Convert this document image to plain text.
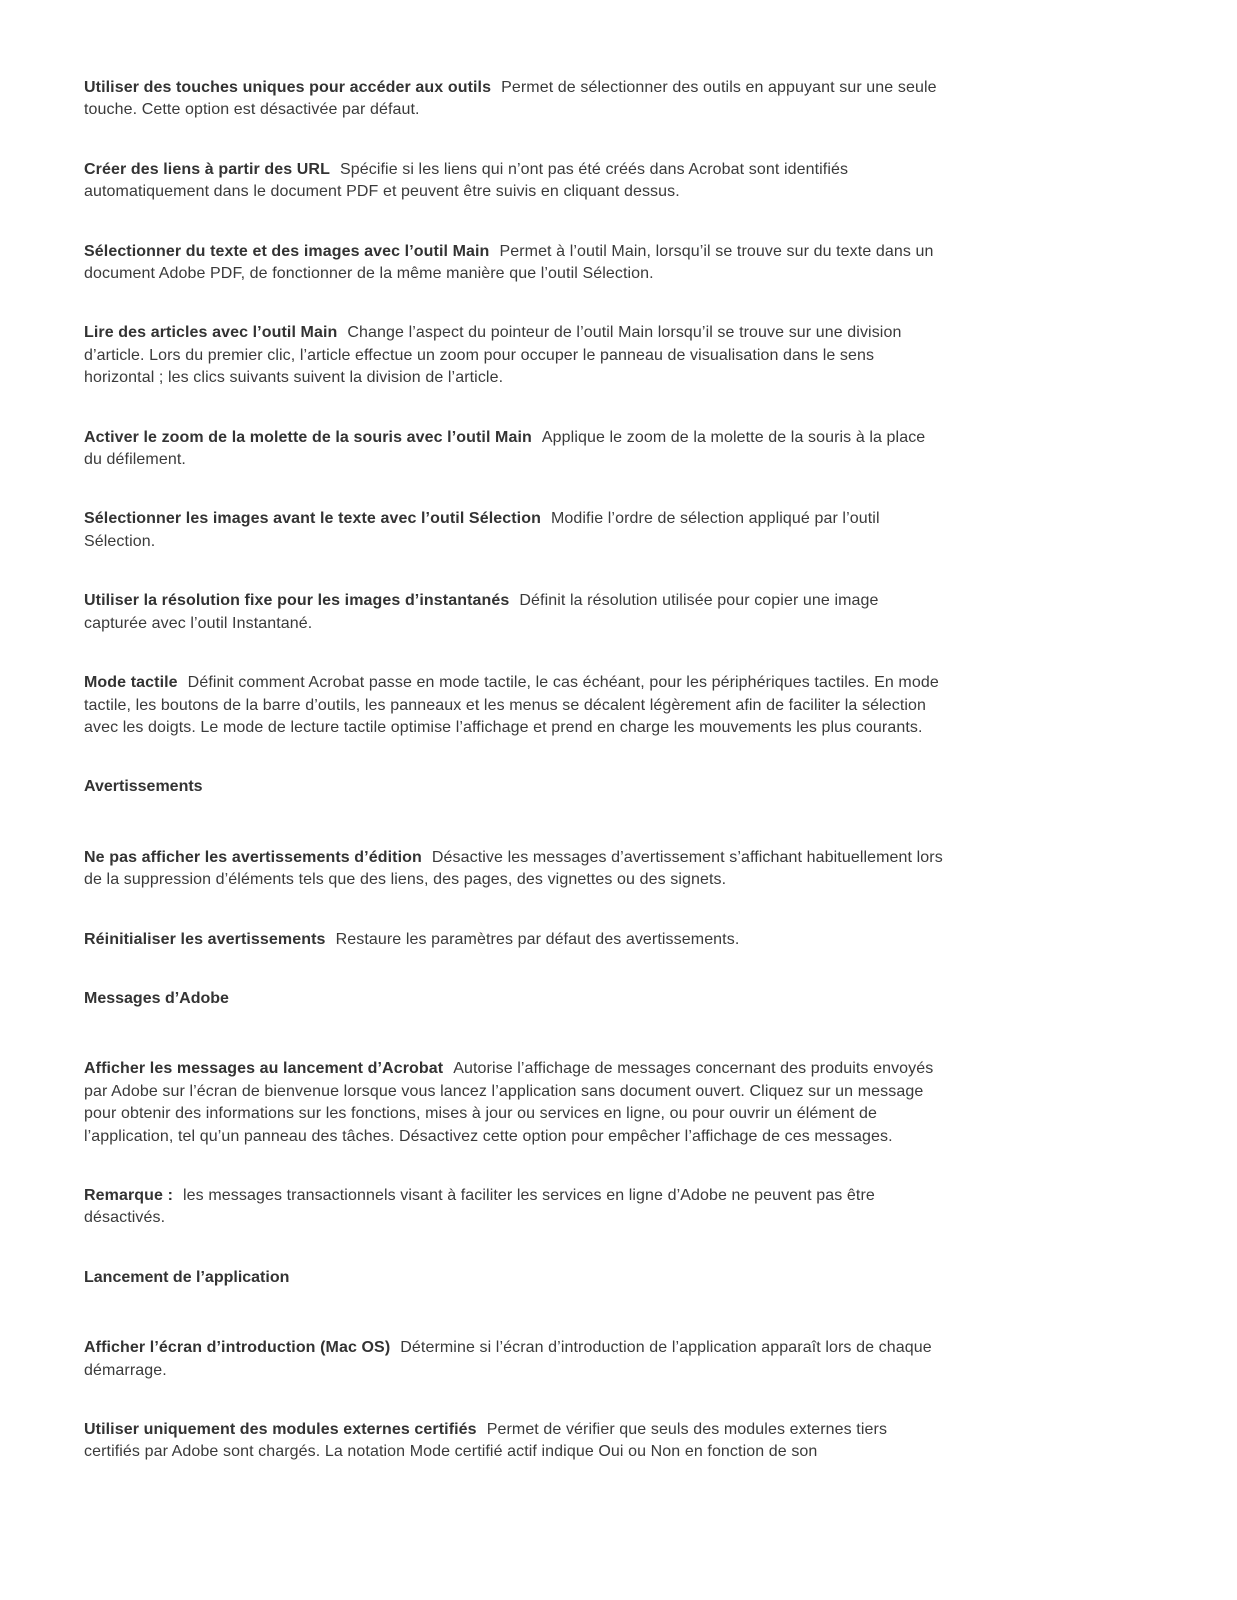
Utiliser des touches uniques pour accéder aux outils Permet de sélectionner des outils en appuyant sur une seule touche. Cette option est désactivée par défaut.
Créer des liens à partir des URL Spécifie si les liens qui n’ont pas été créés dans Acrobat sont identifiés automatiquement dans le document PDF et peuvent être suivis en cliquant dessus.
Sélectionner du texte et des images avec l’outil Main Permet à l’outil Main, lorsqu’il se trouve sur du texte dans un document Adobe PDF, de fonctionner de la même manière que l’outil Sélection.
Lire des articles avec l’outil Main Change l’aspect du pointeur de l’outil Main lorsqu’il se trouve sur une division d’article. Lors du premier clic, l’article effectue un zoom pour occuper le panneau de visualisation dans le sens horizontal ; les clics suivants suivent la division de l’article.
Activer le zoom de la molette de la souris avec l’outil Main Applique le zoom de la molette de la souris à la place du défilement.
Sélectionner les images avant le texte avec l’outil Sélection Modifie l’ordre de sélection appliqué par l’outil Sélection.
Utiliser la résolution fixe pour les images d’instantanés Définit la résolution utilisée pour copier une image capturée avec l’outil Instantané.
Mode tactile Définit comment Acrobat passe en mode tactile, le cas échéant, pour les périphériques tactiles. En mode tactile, les boutons de la barre d’outils, les panneaux et les menus se décalent légèrement afin de faciliter la sélection avec les doigts. Le mode de lecture tactile optimise l’affichage et prend en charge les mouvements les plus courants.
Avertissements
Ne pas afficher les avertissements d’édition Désactive les messages d’avertissement s’affichant habituellement lors de la suppression d’éléments tels que des liens, des pages, des vignettes ou des signets.
Réinitialiser les avertissements Restaure les paramètres par défaut des avertissements.
Messages d’Adobe
Afficher les messages au lancement d’Acrobat Autorise l’affichage de messages concernant des produits envoyés par Adobe sur l’écran de bienvenue lorsque vous lancez l’application sans document ouvert. Cliquez sur un message pour obtenir des informations sur les fonctions, mises à jour ou services en ligne, ou pour ouvrir un élément de l’application, tel qu’un panneau des tâches. Désactivez cette option pour empêcher l’affichage de ces messages.
Remarque : les messages transactionnels visant à faciliter les services en ligne d’Adobe ne peuvent pas être désactivés.
Lancement de l’application
Afficher l’écran d’introduction (Mac OS) Détermine si l’écran d’introduction de l’application apparaît lors de chaque démarrage.
Utiliser uniquement des modules externes certifiés Permet de vérifier que seuls des modules externes tiers certifiés par Adobe sont chargés. La notation Mode certifié actif indique Oui ou Non en fonction de son
